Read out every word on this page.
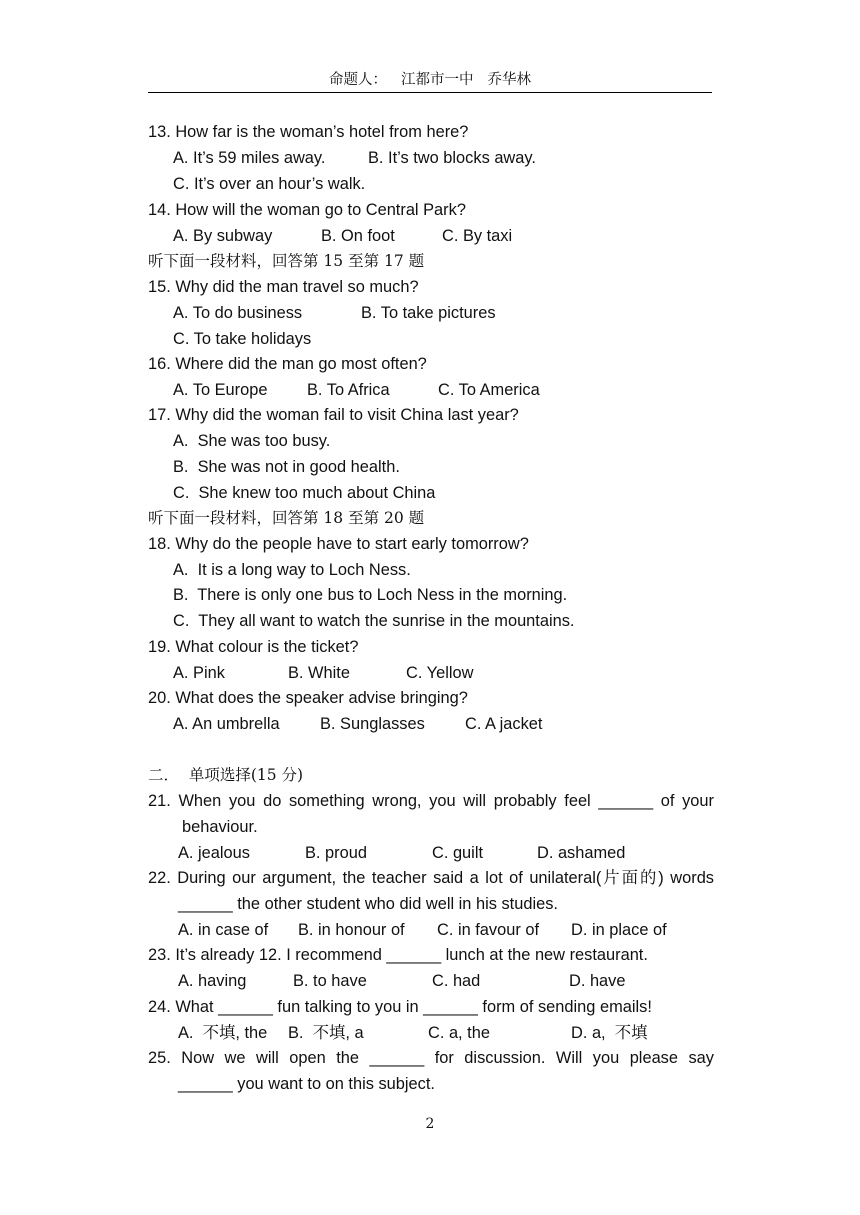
命题人： 江都市一中 乔华林
13. How far is the woman’s hotel from here?
A. It’s 59 miles away.	B. It’s two blocks away.
C. It’s over an hour’s walk.
14. How will the woman go to Central Park?
A. By subway	B. On foot	C. By taxi
听下面一段材料，回答第 15 至第 17 题
15. Why did the man travel so much?
A. To do business	B. To take pictures
C. To take holidays
16. Where did the man go most often?
A. To Europe B. To Africa	C. To America
17. Why did the woman fail to visit China last year?
A.  She was too busy.
B.  She was not in good health.
C.  She knew too much about China
听下面一段材料，回答第 18 至第 20 题
18. Why do the people have to start early tomorrow?
A.  It is a long way to Loch Ness.
B.  There is only one bus to Loch Ness in the morning.
C.  They all want to watch the sunrise in the mountains.
19. What colour is the ticket?
A. Pink	B. White	C. Yellow
20. What does the speaker advise bringing?
A. An umbrella B. Sunglasses C. A jacket
二．  单项选择(15 分)
21. When you do something wrong, you will probably feel ______ of your
behaviour.
A. jealous	B. proud	C. guilt	D. ashamed
22. During our argument, the teacher said a lot of unilateral(片面的) words
______ the other student who did well in his studies.
A. in case of B. in honour of C. in favour of D. in place of
23. It’s already 12. I recommend ______ lunch at the new restaurant.
A. having	B. to have	C. had	D. have
24. What ______ fun talking to you in ______ form of sending emails!
A.  不填, the B.  不填, a	C. a, the	D. a,  不填
25. Now we will open the ______ for discussion. Will you please say
______ you want to on this subject.
2
